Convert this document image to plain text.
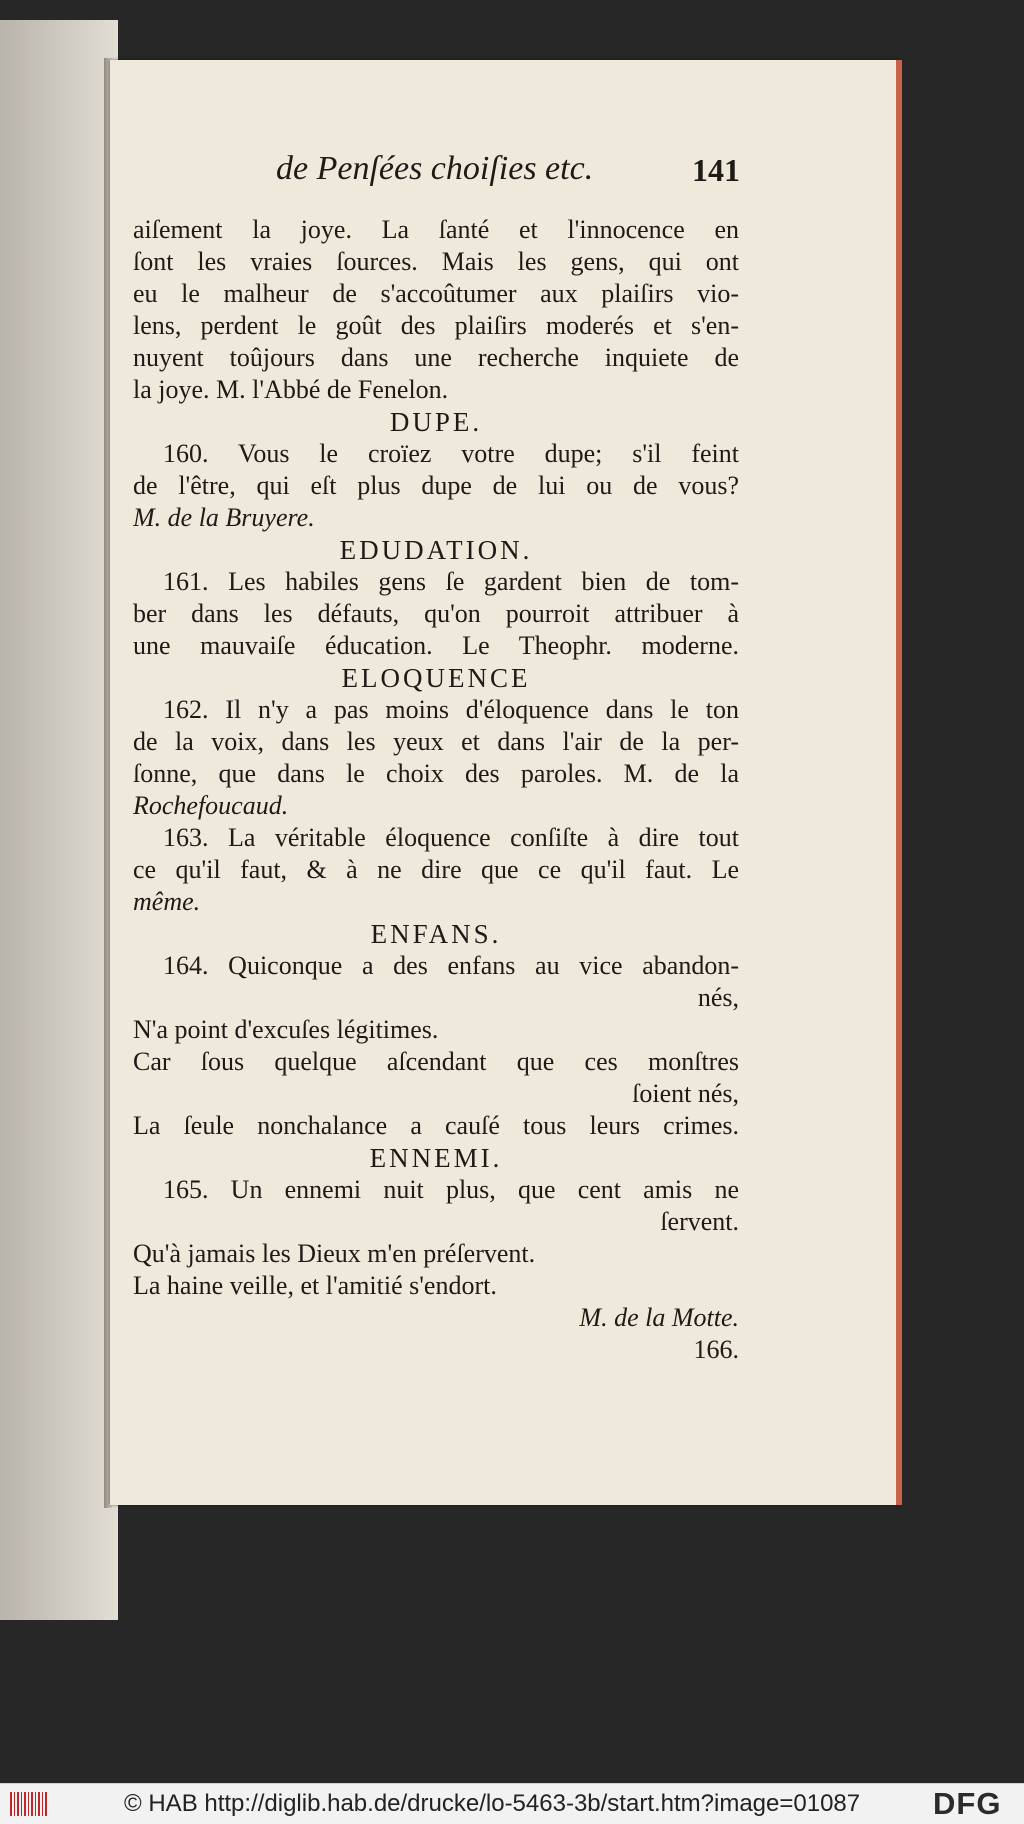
de Penſées choiſies etc.	141
aiſement la joye. La ſanté et l'innocence en
ſont les vraies ſources. Mais les gens, qui ont
eu le malheur de s'accoûtumer aux plaiſirs vio-
lens, perdent le goût des plaiſirs moderés et s'en-
nuyent toûjours dans une recherche inquiete de
la joye. M. l'Abbé de Fenelon.
DUPE.
160. Vous le croïez votre dupe; s'il feint
de l'être, qui eſt plus dupe de lui ou de vous?
M. de la Bruyere.
EDUDATION.
161. Les habiles gens ſe gardent bien de tom-
ber dans les défauts, qu'on pourroit attribuer à
une mauvaiſe éducation. Le Theophr. moderne.
ELOQUENCE
162. Il n'y a pas moins d'éloquence dans le ton
de la voix, dans les yeux et dans l'air de la per-
ſonne, que dans le choix des paroles. M. de la
Rochefoucaud.
163. La véritable éloquence conſiſte à dire tout
ce qu'il faut, & à ne dire que ce qu'il faut. Le
même.
ENFANS.
164. Quiconque a des enfans au vice abandon-
nés,
N'a point d'excuſes légitimes.
Car ſous quelque aſcendant que ces monſtres
ſoient nés,
La ſeule nonchalance a cauſé tous leurs crimes.
ENNEMI.
165. Un ennemi nuit plus, que cent amis ne
ſervent.
Qu'à jamais les Dieux m'en préſervent.
La haine veille, et l'amitié s'endort.
M. de la Motte.
166.
© HAB http://diglib.hab.de/drucke/lo-5463-3b/start.htm?image=01087 DFG
